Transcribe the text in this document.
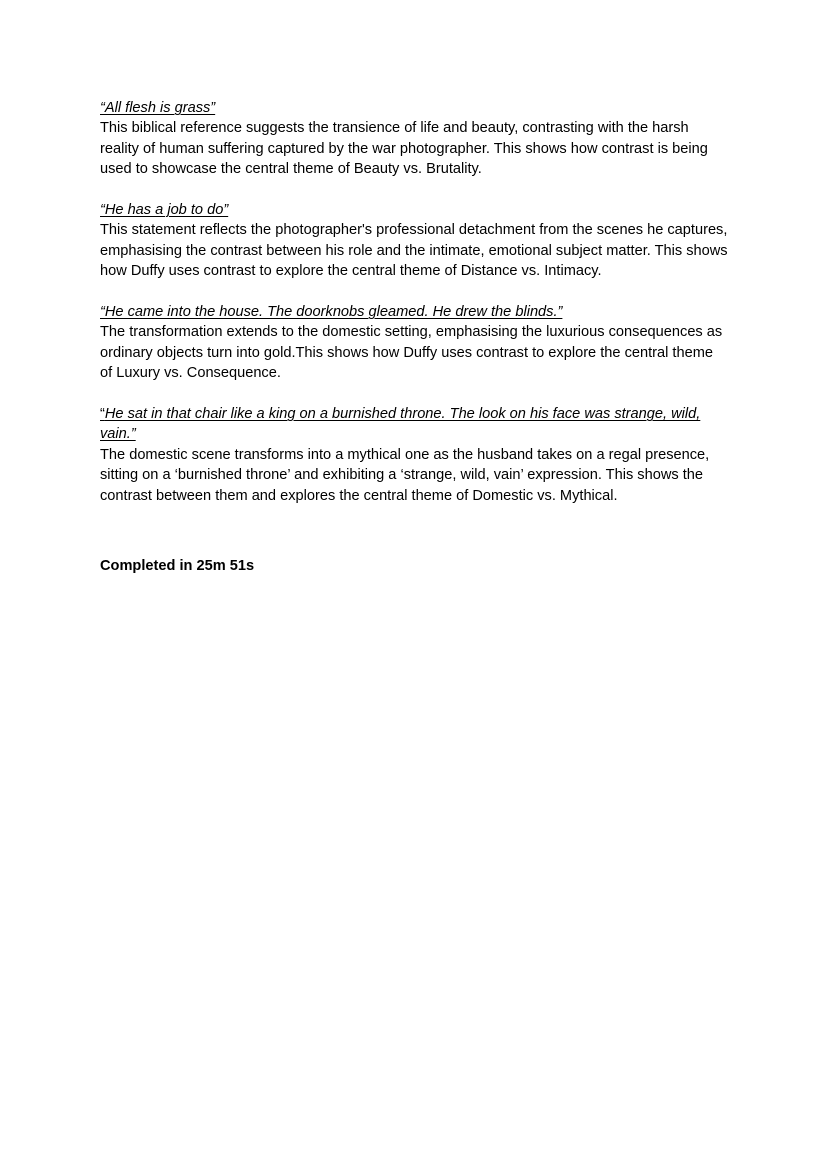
“All flesh is grass”

This biblical reference suggests the transience of life and beauty, contrasting with the harsh reality of human suffering captured by the war photographer. This shows how contrast is being used to showcase the central theme of Beauty vs. Brutality.

“He has a job to do”

This statement reflects the photographer's professional detachment from the scenes he captures, emphasising the contrast between his role and the intimate, emotional subject matter. This shows how Duffy uses contrast to explore the central theme of Distance vs. Intimacy.

“He came into the house. The doorknobs gleamed. He drew the blinds.”

The transformation extends to the domestic setting, emphasising the luxurious consequences as ordinary objects turn into gold.This shows how Duffy uses contrast to explore the central theme of Luxury vs. Consequence.

“He sat in that chair like a king on a burnished throne. The look on his face was strange, wild, vain.”

The domestic scene transforms into a mythical one as the husband takes on a regal presence, sitting on a ‘burnished throne’ and exhibiting a ‘strange, wild, vain’ expression. This shows the contrast between them and explores the central theme of Domestic vs. Mythical.

Completed in 25m 51s
